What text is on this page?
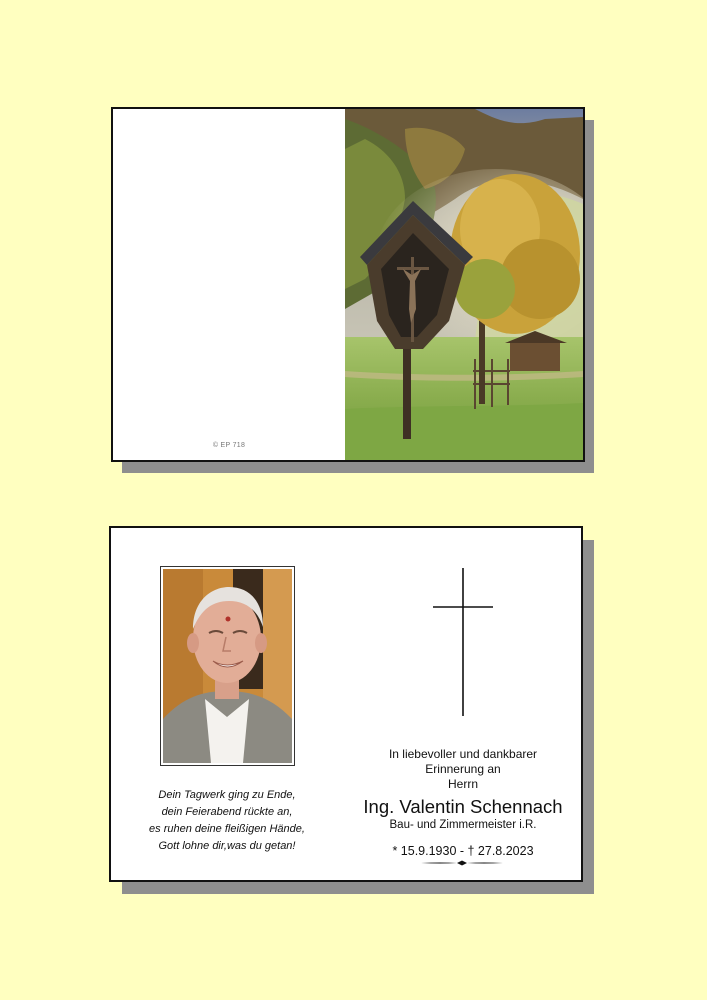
© EP 718
Dein Tagwerk ging zu Ende,
dein Feierabend rückte an,
es ruhen deine fleißigen Hände,
Gott lohne dir,was du getan!
In liebevoller und dankbarer
Erinnerung an
Herrn
Ing. Valentin Schennach
Bau- und Zimmermeister i.R.
* 15.9.1930 - † 27.8.2023
